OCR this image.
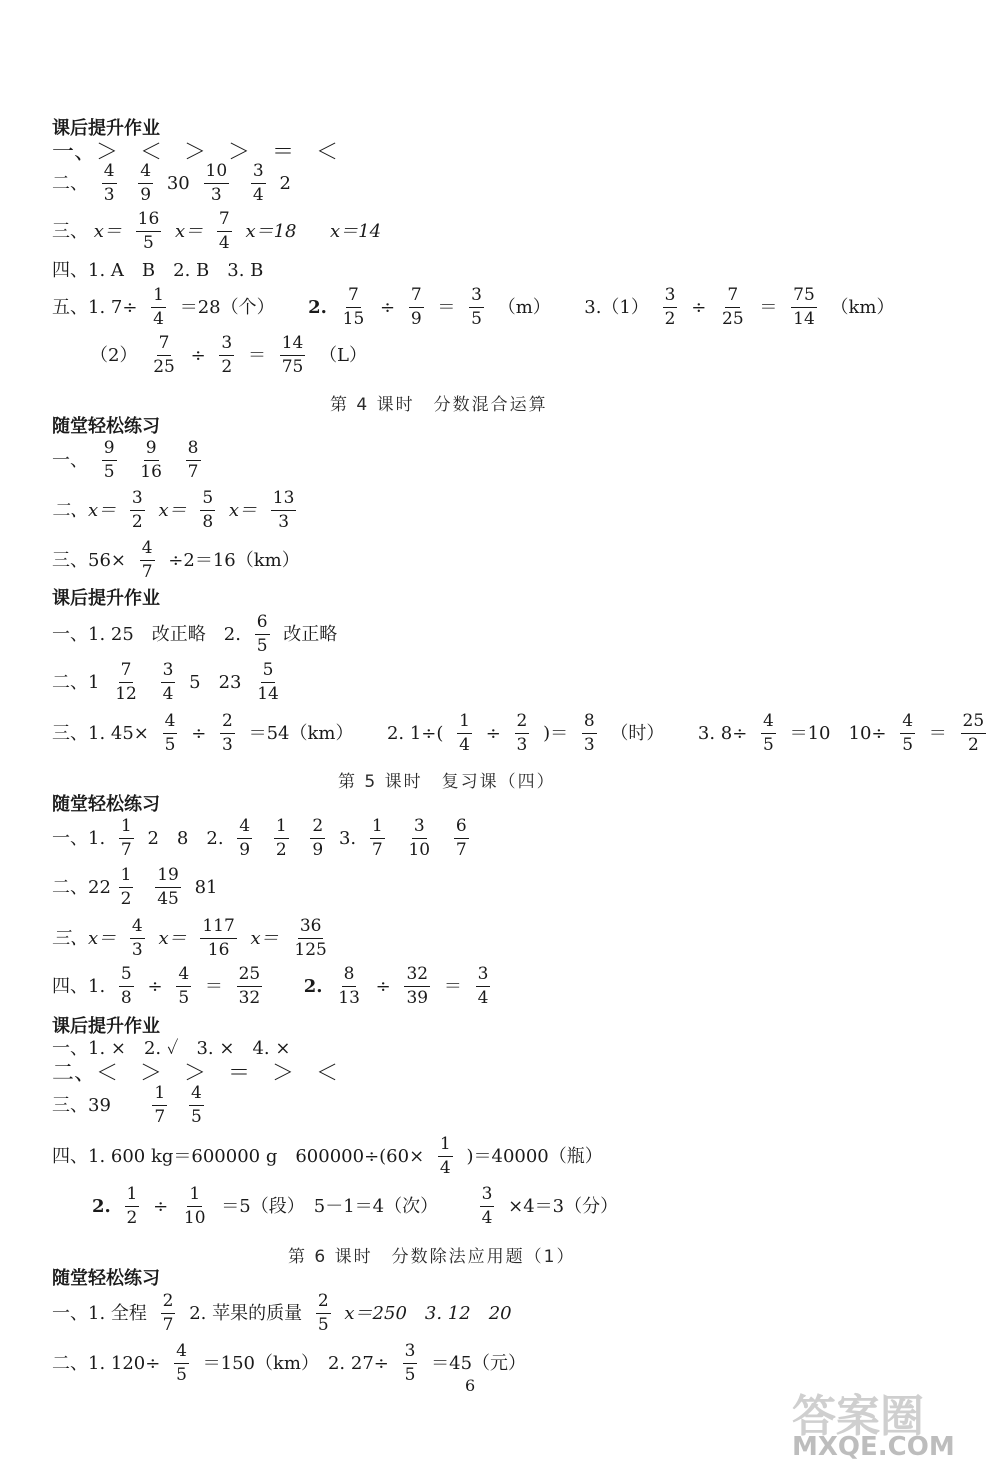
课后提升作业
一、＞　＜　＞　＞　＝　＜
二、 $\frac{4}{3}$
$\frac{4}{9} 30 \frac{10}{3}$
$\frac{3}{4} 2$
三、 $x= \frac{16}{5} x= \frac{7}{4} x=18$ x＝14
四、1. A　B　2. B　3. B
五、1. $7\div \frac{1}{4} =28$（个） 2. $\frac{7}{15} \div \frac{7}{9} = \frac{3}{5} (m)$ $3.(1) \frac{3}{2} \div \frac{7}{25} = \frac{75}{14} (km)$
$(2) \frac{7}{25} \div \frac{3}{2} = \frac{14}{75} (L)$
第 4 课时　分数混合运算
随堂轻松练习
一、 $\frac{9}{5}$
$\frac{9}{16}$
$\frac{8}{7}$
二、$x= \frac{3}{2} x= \frac{5}{8} x= \frac{13}{3}$
三、$56\times \frac{4}{7} \div 2=16(km)$
课后提升作业
一、1. 25　改正略　2. $\frac{6}{5}$ 改正略
二、$1 \frac{7}{12}$
$\frac{3}{4} 5$　$23 \frac{5}{14}$
三、1. $45\times \frac{4}{5} \div \frac{2}{3} =54(km)$ 2. $1\div( \frac{1}{4} \div \frac{2}{3}$ )＝ $\frac{8}{3}$ （时） 3. $8\div \frac{4}{5} =10$　$10\div \frac{4}{5} = \frac{25}{2}$
第 5 课时　复习课（四）
随堂轻松练习
一、1. $\frac{1}{7} 2$　8　2. $\frac{4}{9}$
$\frac{1}{2}$
$\frac{2}{9} 3$. $\frac{1}{7}$
$\frac{3}{10}$
$\frac{6}{7}$
二、$22 \frac{1}{2}$
$\frac{19}{45} 81$
三、$x= \frac{4}{3} x= \frac{117}{16} x= \frac{36}{125}$
四、1. $\frac{5}{8} \div \frac{4}{5} = \frac{25}{32} 2$. $\frac{8}{13} \div \frac{32}{39} = \frac{3}{4}$
课后提升作业
一、1. ×　2. ✓　3. ×　4. ×
二、＜　＞　＞　＝　＞　＜
三、$39 \frac{1}{7}$
$\frac{4}{5}$
四、1. 600 kg＝600000 g　$600000\div(60\times \frac{1}{4} )=40000$（瓶）
2. $\frac{1}{2} \div \frac{1}{10} =5$（段）　5－1＝4（次） $\frac{3}{4} \times 4=3$（分）
第 6 课时　分数除法应用题（1）
随堂轻松练习
一、1. 全程 $\frac{2}{7} 2$. 苹果的质量 $\frac{2}{5} x=250$　3. 12　20
二、1. $120\div \frac{4}{5} =150(km)$　2. $27\div \frac{3}{5} =45$（元）
6
答案圈
MXQE.COM
